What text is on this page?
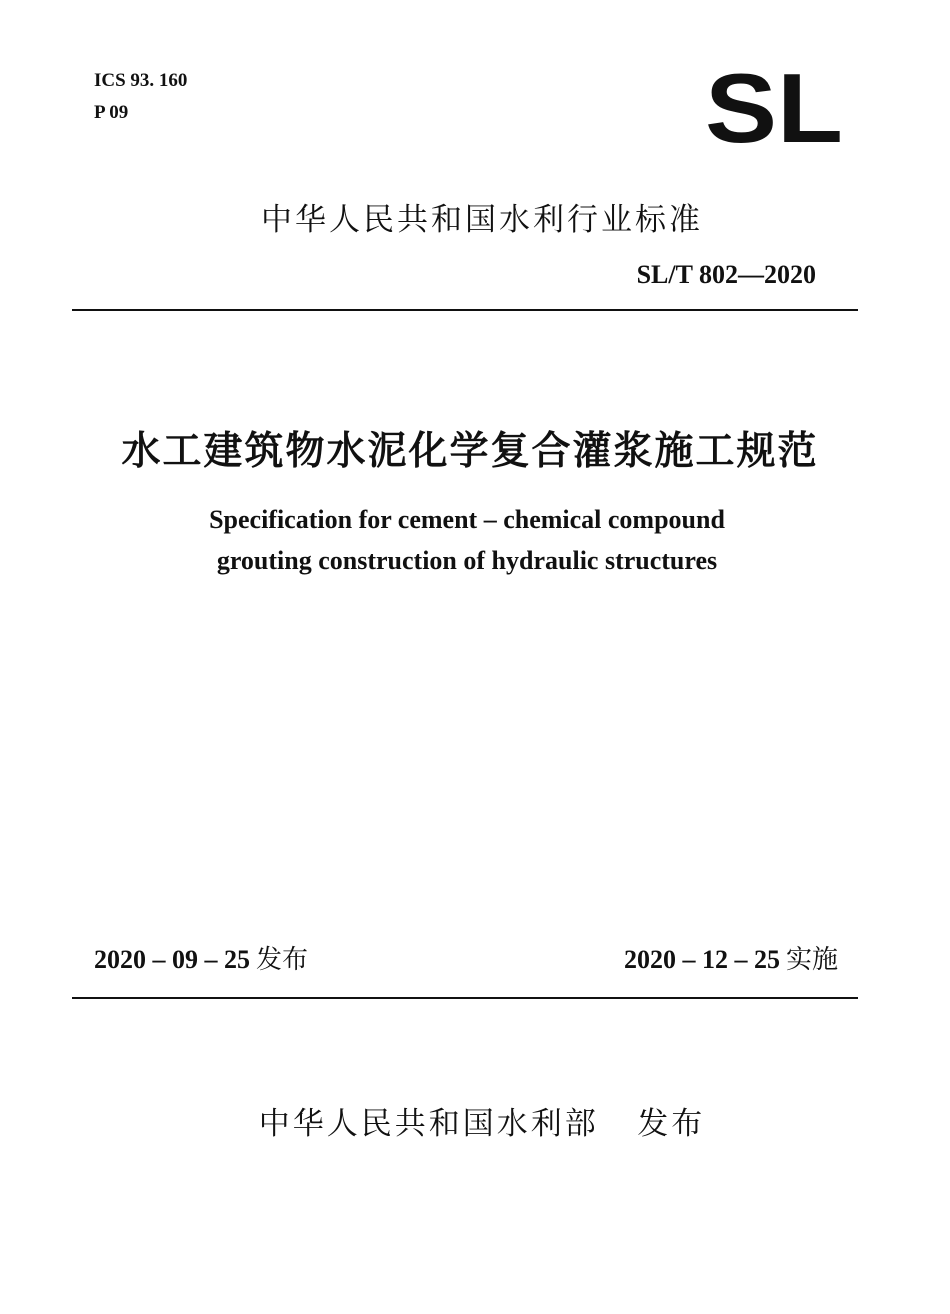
ICS 93. 160
P 09	SL
中华人民共和国水利行业标准
SL/T 802—2020
水工建筑物水泥化学复合灌浆施工规范
Specification for cement – chemical compound
grouting construction of hydraulic structures
2020 – 09 – 25 发布	2020 – 12 – 25 实施
中华人民共和国水利部 发布
